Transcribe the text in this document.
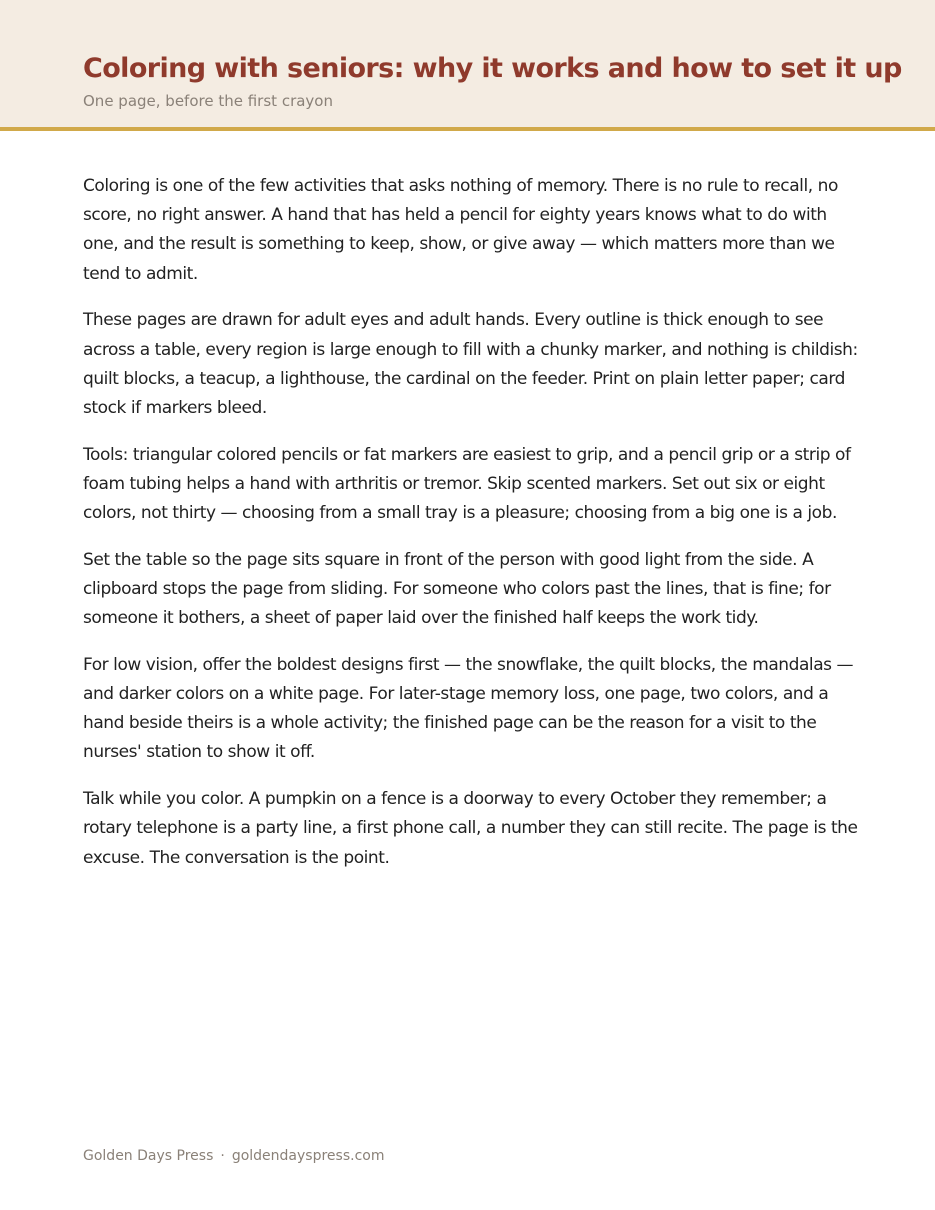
Coloring with seniors: why it works and how to set it up
One page, before the first crayon

Coloring is one of the few activities that asks nothing of memory. There is no rule to recall, no score, no right answer. A hand that has held a pencil for eighty years knows what to do with one, and the result is something to keep, show, or give away — which matters more than we tend to admit.

These pages are drawn for adult eyes and adult hands. Every outline is thick enough to see across a table, every region is large enough to fill with a chunky marker, and nothing is childish: quilt blocks, a teacup, a lighthouse, the cardinal on the feeder. Print on plain letter paper; card stock if markers bleed.

Tools: triangular colored pencils or fat markers are easiest to grip, and a pencil grip or a strip of foam tubing helps a hand with arthritis or tremor. Skip scented markers. Set out six or eight colors, not thirty — choosing from a small tray is a pleasure; choosing from a big one is a job.

Set the table so the page sits square in front of the person with good light from the side. A clipboard stops the page from sliding. For someone who colors past the lines, that is fine; for someone it bothers, a sheet of paper laid over the finished half keeps the work tidy.

For low vision, offer the boldest designs first — the snowflake, the quilt blocks, the mandalas — and darker colors on a white page. For later-stage memory loss, one page, two colors, and a hand beside theirs is a whole activity; the finished page can be the reason for a visit to the nurses' station to show it off.

Talk while you color. A pumpkin on a fence is a doorway to every October they remember; a rotary telephone is a party line, a first phone call, a number they can still recite. The page is the excuse. The conversation is the point.

Golden Days Press · goldendayspress.com
